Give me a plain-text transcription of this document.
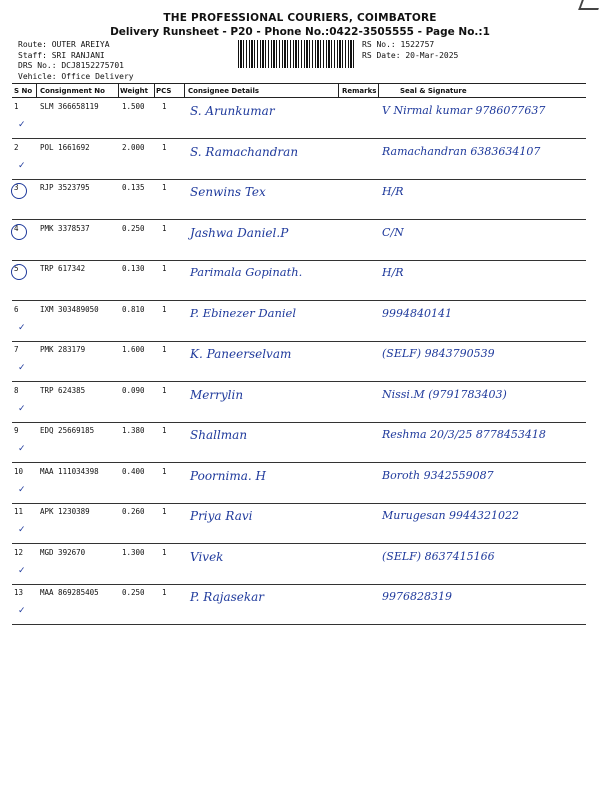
THE PROFESSIONAL COURIERS, COIMBATORE
Delivery Runsheet - P20 - Phone No.:0422-3505555 - Page No.:1
Route: OUTER AREIYA
Staff: SRI RANJANI
DRS No.: DCJ8152275701
Vehicle: Office Delivery
RS No.: 1522757
RS Date: 20-Mar-2025
S No Consignment No Weight PCS Consignee Details	Remarks	Seal & Signature
1	SLM 366658119	1.500 1 S. Arunkumar	V Nirmal kumar 9786077637
✓
2	POL 1661692	2.000 1 S. Ramachandran	Ramachandran 6383634107
✓
3	RJP 3523795	0.135 1 Senwins Tex	H/R
4	PMK 3378537	0.250 1 Jashwa Daniel.P	C/N
5	TRP 617342	0.130 1 Parimala Gopinath.	H/R
6	IXM 303489050	0.810 1 P. Ebinezer Daniel	9994840141
✓
7	PMK 283179	1.600 1 K. Paneerselvam	(SELF) 9843790539
✓
8	TRP 624385	0.090 1 Merrylin	Nissi.M (9791783403)
✓
9	EDQ 25669185	1.380 1 Shallman	Reshma 20/3/25 8778453418
✓
10 MAA 111034398	0.400 1 Poornima. H	Boroth 9342559087
✓
11 APK 1230389	0.260 1 Priya Ravi	Murugesan 9944321022
✓
12 MGD 392670	1.300 1 Vivek	(SELF) 8637415166
✓
13 MAA 869285405	0.250 1 P. Rajasekar	9976828319
✓
